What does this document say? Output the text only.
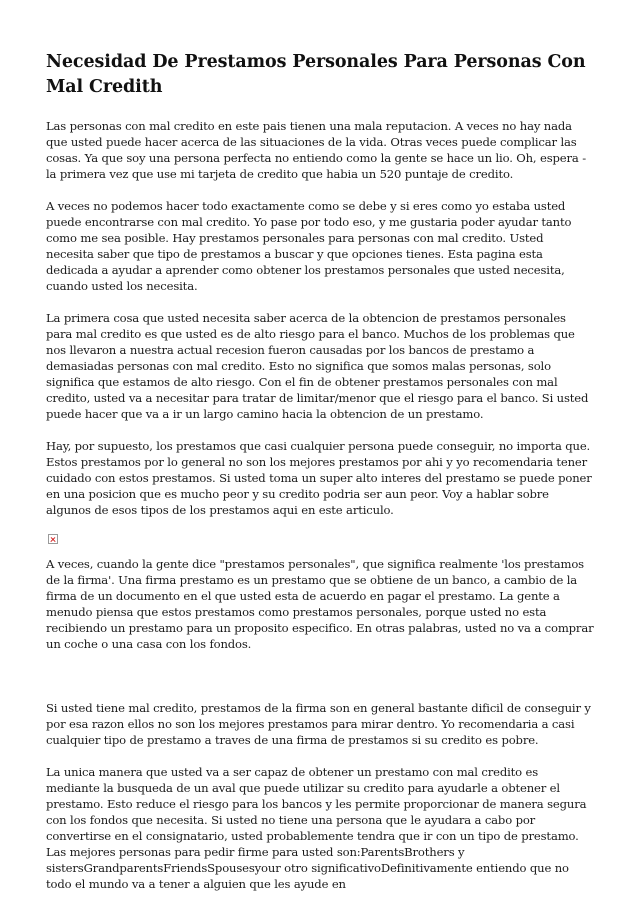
Necesidad De Prestamos Personales Para Personas Con Mal Credith

Las personas con mal credito en este pais tienen una mala reputacion. A veces no hay nada que usted puede hacer acerca de las situaciones de la vida. Otras veces puede complicar las cosas. Ya que soy una persona perfecta no entiendo como la gente se hace un lio. Oh, espera - la primera vez que use mi tarjeta de credito que habia un 520 puntaje de credito.

A veces no podemos hacer todo exactamente como se debe y si eres como yo estaba usted puede encontrarse con mal credito. Yo pase por todo eso, y me gustaria poder ayudar tanto como me sea posible. Hay prestamos personales para personas con mal credito. Usted necesita saber que tipo de prestamos a buscar y que opciones tienes. Esta pagina esta dedicada a ayudar a aprender como obtener los prestamos personales que usted necesita, cuando usted los necesita.

La primera cosa que usted necesita saber acerca de la obtencion de prestamos personales para mal credito es que usted es de alto riesgo para el banco. Muchos de los problemas que nos llevaron a nuestra actual recesion fueron causadas por los bancos de prestamo a demasiadas personas con mal credito. Esto no significa que somos malas personas, solo significa que estamos de alto riesgo. Con el fin de obtener prestamos personales con mal credito, usted va a necesitar para tratar de limitar/menor que el riesgo para el banco. Si usted puede hacer que va a ir un largo camino hacia la obtencion de un prestamo.

Hay, por supuesto, los prestamos que casi cualquier persona puede conseguir, no importa que. Estos prestamos por lo general no son los mejores prestamos por ahi y yo recomendaria tener cuidado con estos prestamos. Si usted toma un super alto interes del prestamo se puede poner en una posicion que es mucho peor y su credito podria ser aun peor. Voy a hablar sobre algunos de esos tipos de los prestamos aqui en este articulo.

A veces, cuando la gente dice "prestamos personales", que significa realmente 'los prestamos de la firma'. Una firma prestamo es un prestamo que se obtiene de un banco, a cambio de la firma de un documento en el que usted esta de acuerdo en pagar el prestamo. La gente a menudo piensa que estos prestamos como prestamos personales, porque usted no esta recibiendo un prestamo para un proposito especifico. En otras palabras, usted no va a comprar un coche o una casa con los fondos.

Si usted tiene mal credito, prestamos de la firma son en general bastante dificil de conseguir y por esa razon ellos no son los mejores prestamos para mirar dentro. Yo recomendaria a casi cualquier tipo de prestamo a traves de una firma de prestamos si su credito es pobre.

La unica manera que usted va a ser capaz de obtener un prestamo con mal credito es mediante la busqueda de un aval que puede utilizar su credito para ayudarle a obtener el prestamo. Esto reduce el riesgo para los bancos y les permite proporcionar de manera segura con los fondos que necesita. Si usted no tiene una persona que le ayudara a cabo por convertirse en el consignatario, usted probablemente tendra que ir con un tipo de prestamo. Las mejores personas para pedir firme para usted son:ParentsBrothers y sistersGrandparentsFriendsSpousesyour otro significativoDefinitivamente entiendo que no todo el mundo va a tener a alguien que les ayude en
